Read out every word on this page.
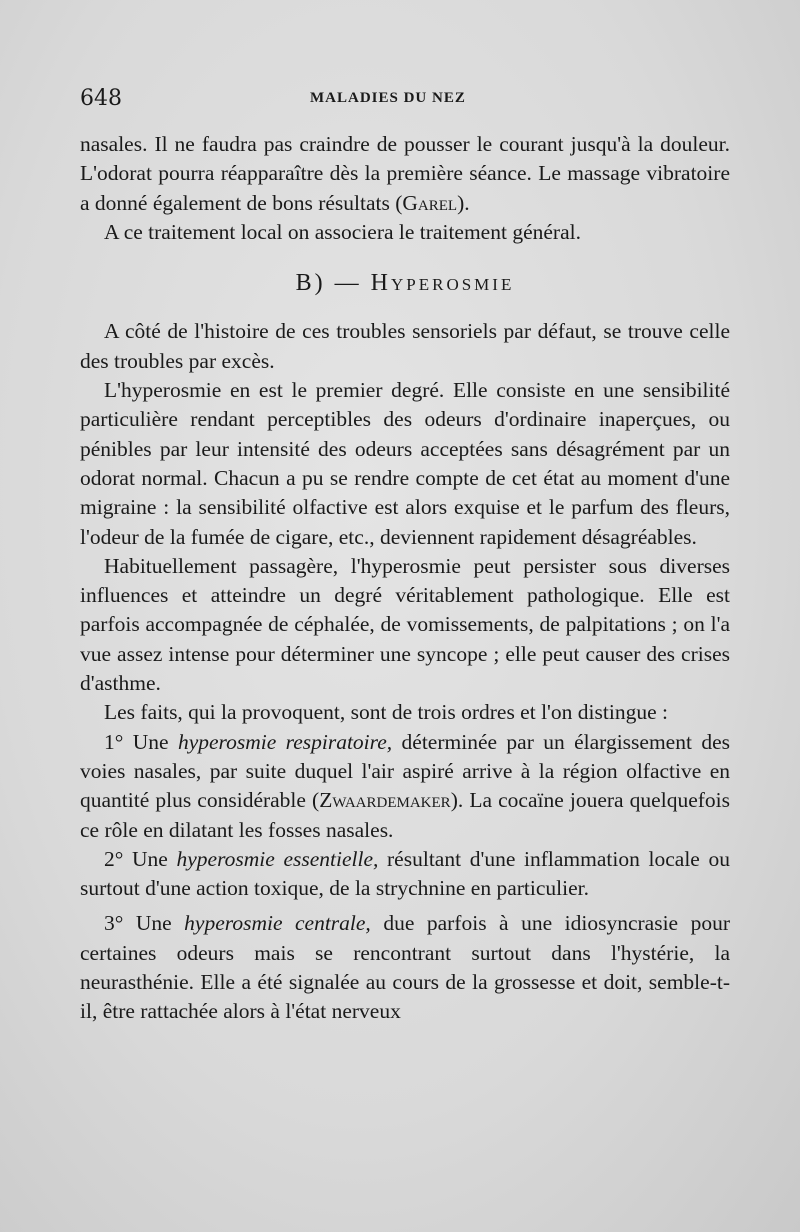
648	MALADIES DU NEZ

nasales. Il ne faudra pas craindre de pousser le courant jusqu'à la douleur. L'odorat pourra réapparaître dès la première séance. Le massage vibratoire a donné également de bons résultats (Garel).

A ce traitement local on associera le traitement général.

B) — Hyperosmie

A côté de l'histoire de ces troubles sensoriels par défaut, se trouve celle des troubles par excès.

L'hyperosmie en est le premier degré. Elle consiste en une sensibilité particulière rendant perceptibles des odeurs d'ordinaire inaperçues, ou pénibles par leur intensité des odeurs acceptées sans désagrément par un odorat normal. Chacun a pu se rendre compte de cet état au moment d'une migraine : la sensibilité olfactive est alors exquise et le parfum des fleurs, l'odeur de la fumée de cigare, etc., deviennent rapidement désagréables.

Habituellement passagère, l'hyperosmie peut persister sous diverses influences et atteindre un degré véritablement pathologique. Elle est parfois accompagnée de céphalée, de vomissements, de palpitations ; on l'a vue assez intense pour déterminer une syncope ; elle peut causer des crises d'asthme.

Les faits, qui la provoquent, sont de trois ordres et l'on distingue :

1° Une hyperosmie respiratoire, déterminée par un élargissement des voies nasales, par suite duquel l'air aspiré arrive à la région olfactive en quantité plus considérable (Zwaardemaker). La cocaïne jouera quelquefois ce rôle en dilatant les fosses nasales.

2° Une hyperosmie essentielle, résultant d'une inflammation locale ou surtout d'une action toxique, de la strychnine en particulier.

3° Une hyperosmie centrale, due parfois à une idiosyncrasie pour certaines odeurs mais se rencontrant surtout dans l'hystérie, la neurasthénie. Elle a été signalée au cours de la grossesse et doit, semble-t-il, être rattachée alors à l'état nerveux
